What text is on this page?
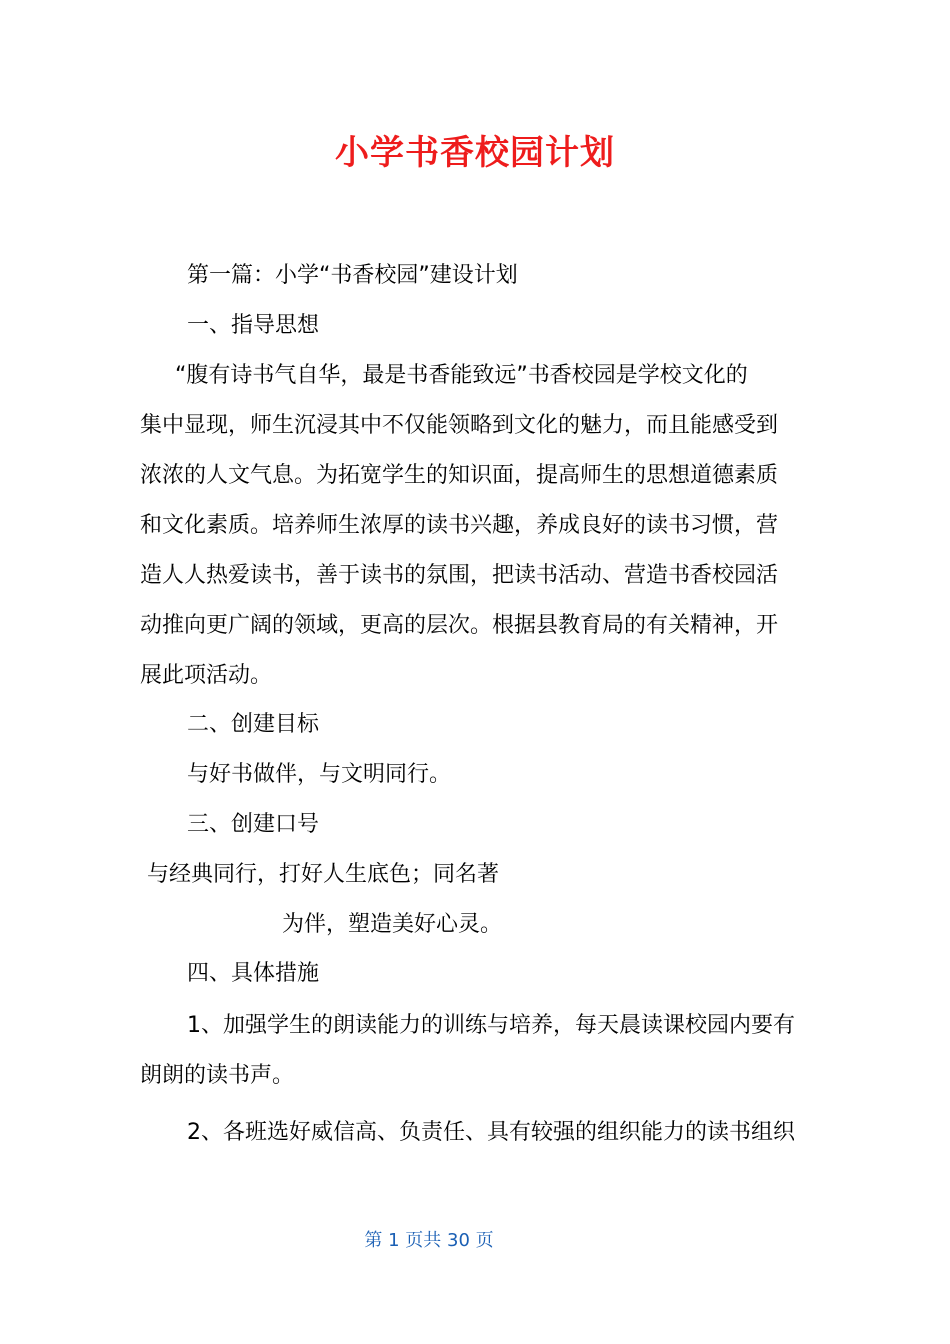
小学书香校园计划
第一篇：小学“书香校园”建设计划
一、指导思想
“腹有诗书气自华，最是书香能致远”书香校园是学校文化的
集中显现，师生沉浸其中不仅能领略到文化的魅力，而且能感受到
浓浓的人文气息。为拓宽学生的知识面，提高师生的思想道德素质
和文化素质。培养师生浓厚的读书兴趣，养成良好的读书习惯，营
造人人热爱读书，善于读书的氛围，把读书活动、营造书香校园活
动推向更广阔的领域，更高的层次。根据县教育局的有关精神，开
展此项活动。
二、创建目标
与好书做伴，与文明同行。
三、创建口号
与经典同行，打好人生底色；同名著
为伴，塑造美好心灵。
四、具体措施
1、加强学生的朗读能力的训练与培养，每天晨读课校园内要有
朗朗的读书声。
2、各班选好威信高、负责任、具有较强的组织能力的读书组织
第 1 页共 30 页
